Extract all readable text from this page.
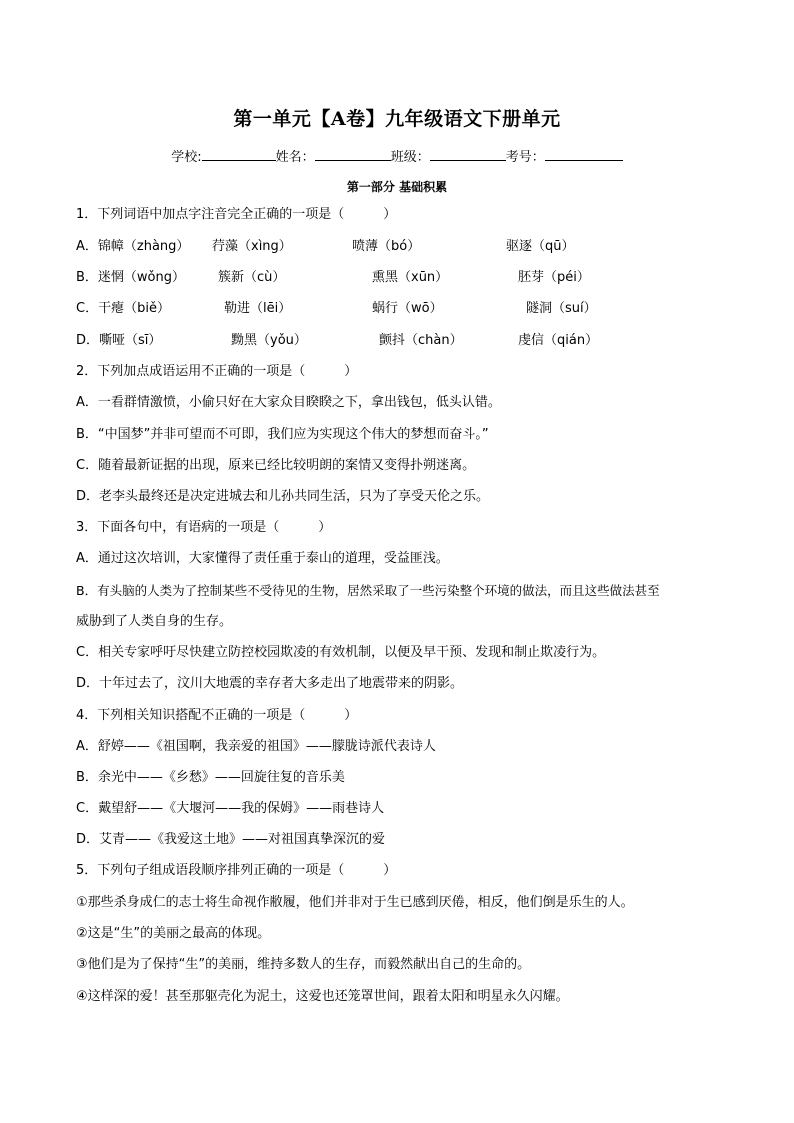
第一单元【A卷】九年级语文下册单元
学校:	姓名：	班级：	考号：
第一部分 基础积累
1．下列词语中加点字注音完全正确的一项是（　　　）
A．锦幛（zhàng） 荇藻（xìng）	喷薄（bó）	驱逐（qū）
B．迷惘（wǒng）	簇新（cù）	熏黑（xūn）	胚芽（péi）
C．干瘪（biě）	勒进（lēi）	蜗行（wō）	隧洞（suí）
D．嘶哑（sī）	黝黑（yǒu）	颤抖（chàn）	虔信（qián）
2．下列加点成语运用不正确的一项是（　　　）
A．一看群情激愤，小偷只好在大家众目睽睽之下，拿出钱包，低头认错。
B．“中国梦”并非可望而不可即，我们应为实现这个伟大的梦想而奋斗。”
C．随着最新证据的出现，原来已经比较明朗的案情又变得扑朔迷离。
D．老李头最终还是决定进城去和儿孙共同生活，只为了享受天伦之乐。
3．下面各句中，有语病的一项是（　　　）
A．通过这次培训，大家懂得了责任重于泰山的道理，受益匪浅。
B．有头脑的人类为了控制某些不受待见的生物，居然采取了一些污染整个环境的做法，而且这些做法甚至
威胁到了人类自身的生存。
C．相关专家呼吁尽快建立防控校园欺凌的有效机制，以便及早干预、发现和制止欺凌行为。
D．十年过去了，汶川大地震的幸存者大多走出了地震带来的阴影。
4．下列相关知识搭配不正确的一项是（　　　）
A．舒婷——《祖国啊，我亲爱的祖国》——朦胧诗派代表诗人
B．余光中——《乡愁》——回旋往复的音乐美
C．戴望舒——《大堰河——我的保姆》——雨巷诗人
D．艾青——《我爱这土地》——对祖国真挚深沉的爱
5．下列句子组成语段顺序排列正确的一项是（　　　）
①那些杀身成仁的志士将生命视作敝履，他们并非对于生已感到厌倦，相反，他们倒是乐生的人。
②这是“生”的美丽之最高的体现。
③他们是为了保持“生”的美丽，维持多数人的生存，而毅然献出自己的生命的。
④这样深的爱！甚至那躯壳化为泥土，这爱也还笼罩世间，跟着太阳和明星永久闪耀。
